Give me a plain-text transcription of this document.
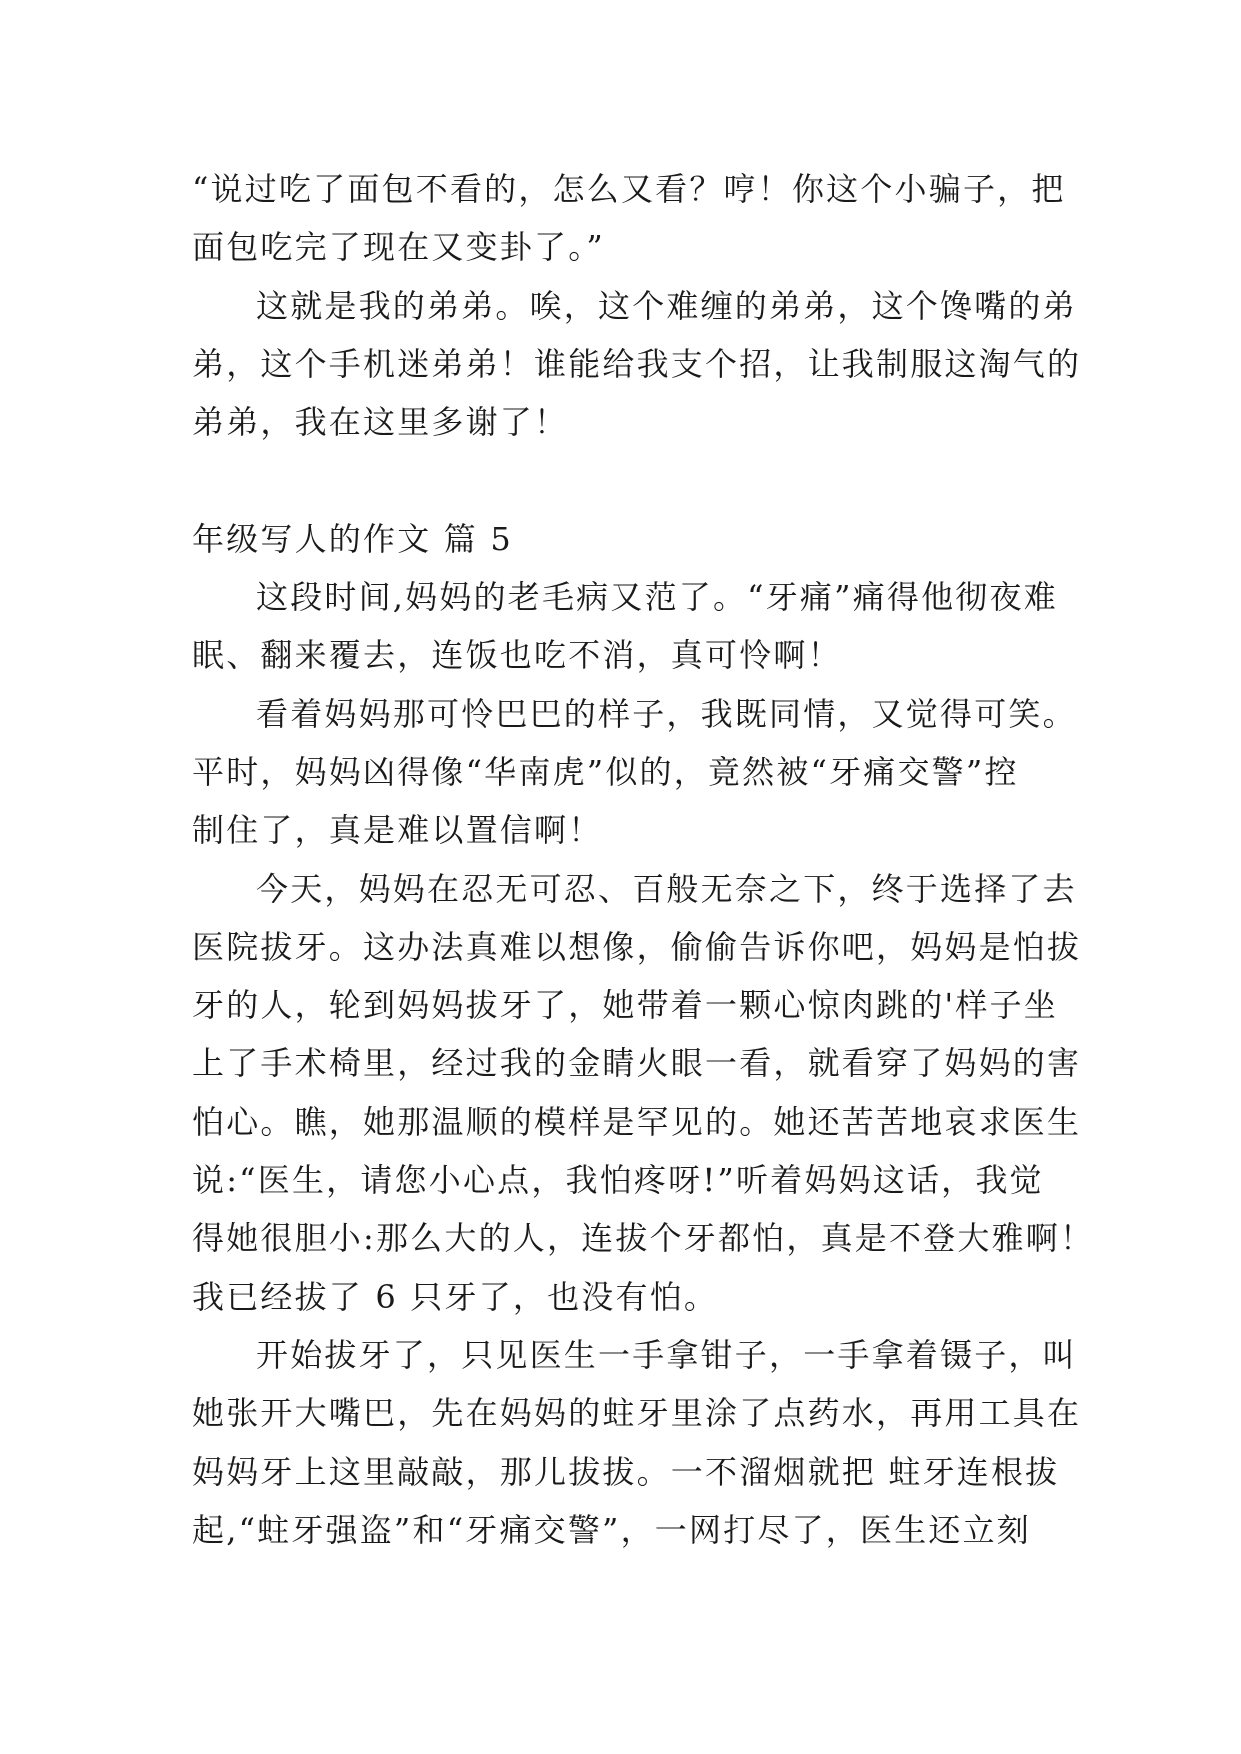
“说过吃了面包不看的，怎么又看？哼！你这个小骗子，把
面包吃完了现在又变卦了。”
这就是我的弟弟。唉，这个难缠的弟弟，这个馋嘴的弟
弟，这个手机迷弟弟！谁能给我支个招，让我制服这淘气的
弟弟，我在这里多谢了！
年级写人的作文 篇 5
这段时间,妈妈的老毛病又范了。“牙痛”痛得他彻夜难
眠、翻来覆去，连饭也吃不消，真可怜啊！
看着妈妈那可怜巴巴的样子，我既同情，又觉得可笑。
平时，妈妈凶得像“华南虎”似的，竟然被“牙痛交警”控
制住了，真是难以置信啊！
今天，妈妈在忍无可忍、百般无奈之下，终于选择了去
医院拔牙。这办法真难以想像，偷偷告诉你吧，妈妈是怕拔
牙的人，轮到妈妈拔牙了，她带着一颗心惊肉跳的'样子坐
上了手术椅里，经过我的金睛火眼一看，就看穿了妈妈的害
怕心。瞧，她那温顺的模样是罕见的。她还苦苦地哀求医生
说:“医生，请您小心点，我怕疼呀!”听着妈妈这话，我觉
得她很胆小:那么大的人，连拔个牙都怕，真是不登大雅啊！
我已经拔了 6 只牙了，也没有怕。
开始拔牙了，只见医生一手拿钳子，一手拿着镊子，叫
她张开大嘴巴，先在妈妈的蛀牙里涂了点药水，再用工具在
妈妈牙上这里敲敲，那儿拔拔。一不溜烟就把 蛀牙连根拔
起,“蛀牙强盗”和“牙痛交警”，一网打尽了，医生还立刻
